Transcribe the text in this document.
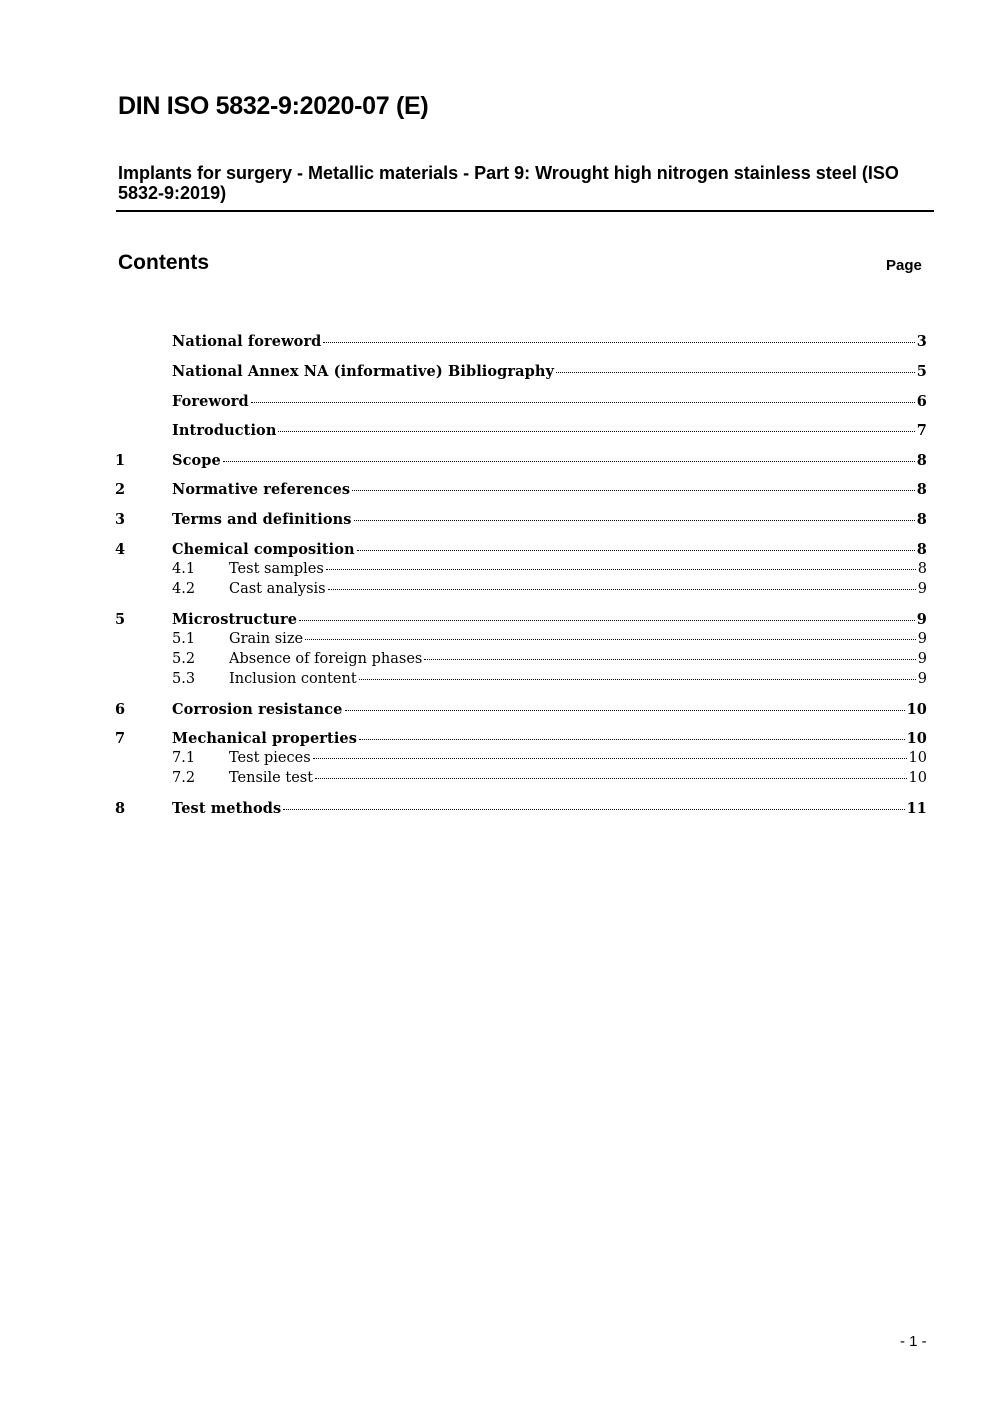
DIN ISO 5832-9:2020-07 (E)
Implants for surgery - Metallic materials - Part 9: Wrought high nitrogen stainless steel (ISO 5832-9:2019)
Contents	Page
National foreword	3
National Annex NA (informative) Bibliography	5
Foreword	6
Introduction	7
1	Scope	8
2	Normative references	8
3	Terms and definitions	8
4	Chemical composition	8
4.1	Test samples	8
4.2	Cast analysis	9
5	Microstructure	9
5.1	Grain size	9
5.2	Absence of foreign phases	9
5.3	Inclusion content	9
6	Corrosion resistance	10
7	Mechanical properties	10
7.1	Test pieces	10
7.2	Tensile test	10
8	Test methods	11
- 1 -
